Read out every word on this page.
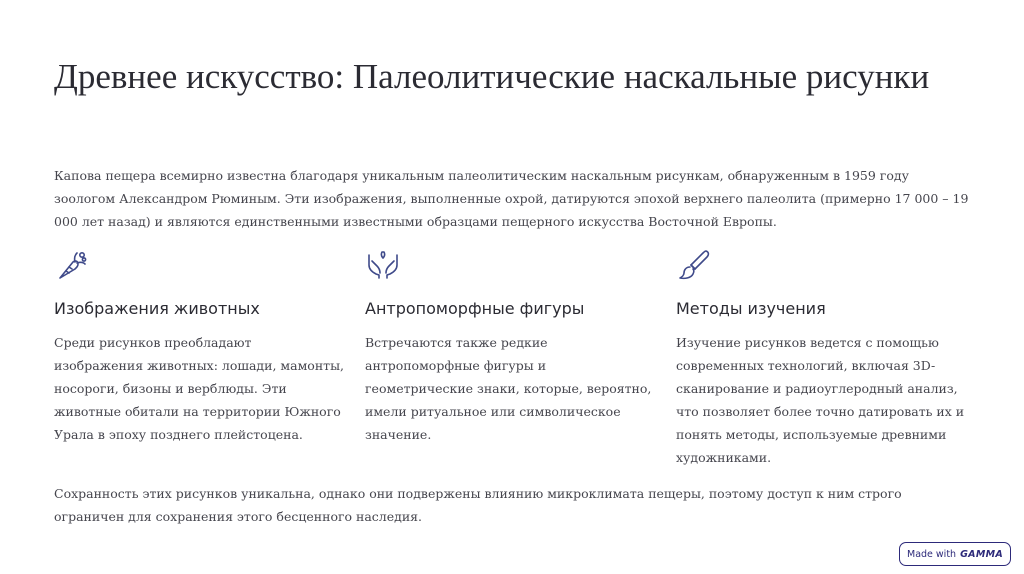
Древнее искусство: Палеолитические наскальные рисунки

Капова пещера всемирно известна благодаря уникальным палеолитическим наскальным рисункам, обнаруженным в 1959 году зоологом Александром Рюминым. Эти изображения, выполненные охрой, датируются эпохой верхнего палеолита (примерно 17 000 – 19 000 лет назад) и являются единственными известными образцами пещерного искусства Восточной Европы.

Изображения животных

Среди рисунков преобладают изображения животных: лошади, мамонты, носороги, бизоны и верблюды. Эти животные обитали на территории Южного Урала в эпоху позднего плейстоцена.

Антропоморфные фигуры

Встречаются также редкие антропоморфные фигуры и геометрические знаки, которые, вероятно, имели ритуальное или символическое значение.

Методы изучения

Изучение рисунков ведется с помощью современных технологий, включая 3D-сканирование и радиоуглеродный анализ, что позволяет более точно датировать их и понять методы, используемые древними художниками.

Сохранность этих рисунков уникальна, однако они подвержены влиянию микроклимата пещеры, поэтому доступ к ним строго ограничен для сохранения этого бесценного наследия.

Made with GAMMA
